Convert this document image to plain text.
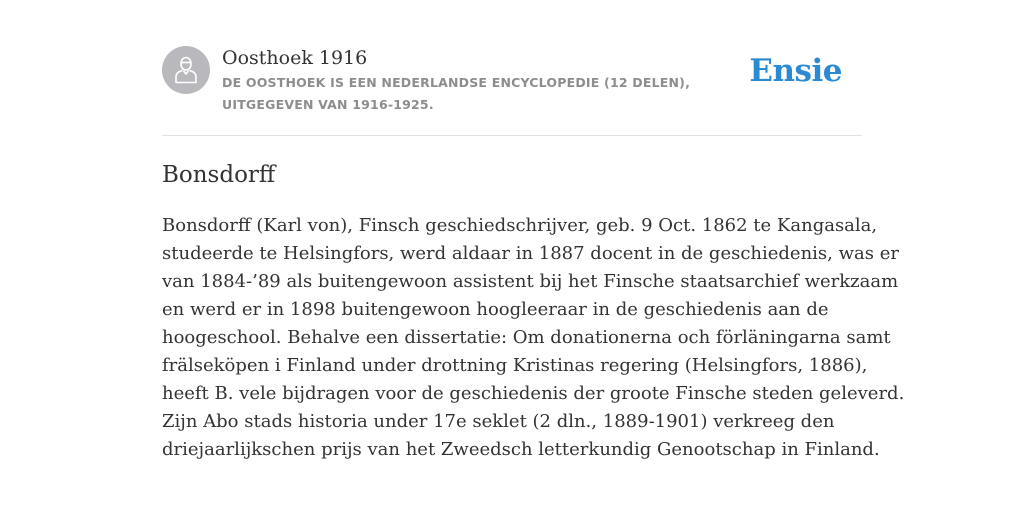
Oosthoek 1916
DE OOSTHOEK IS EEN NEDERLANDSE ENCYCLOPEDIE (12 DELEN), UITGEGEVEN VAN 1916-1925.
Ensie
Bonsdorff
Bonsdorff (Karl von), Finsch geschiedschrijver, geb. 9 Oct. 1862 te Kangasala,
studeerde te Helsingfors, werd aldaar in 1887 docent in de geschiedenis, was er
van 1884-’89 als buitengewoon assistent bij het Finsche staatsarchief werkzaam
en werd er in 1898 buitengewoon hoogleeraar in de geschiedenis aan de
hoogeschool. Behalve een dissertatie: Om donationerna och förläningarna samt
frälseköpen i Finland under drottning Kristinas regering (Helsingfors, 1886),
heeft B. vele bijdragen voor de geschiedenis der groote Finsche steden geleverd.
Zijn Abo stads historia under 17e seklet (2 dln., 1889-1901) verkreeg den
driejaarlijkschen prijs van het Zweedsch letterkundig Genootschap in Finland.
